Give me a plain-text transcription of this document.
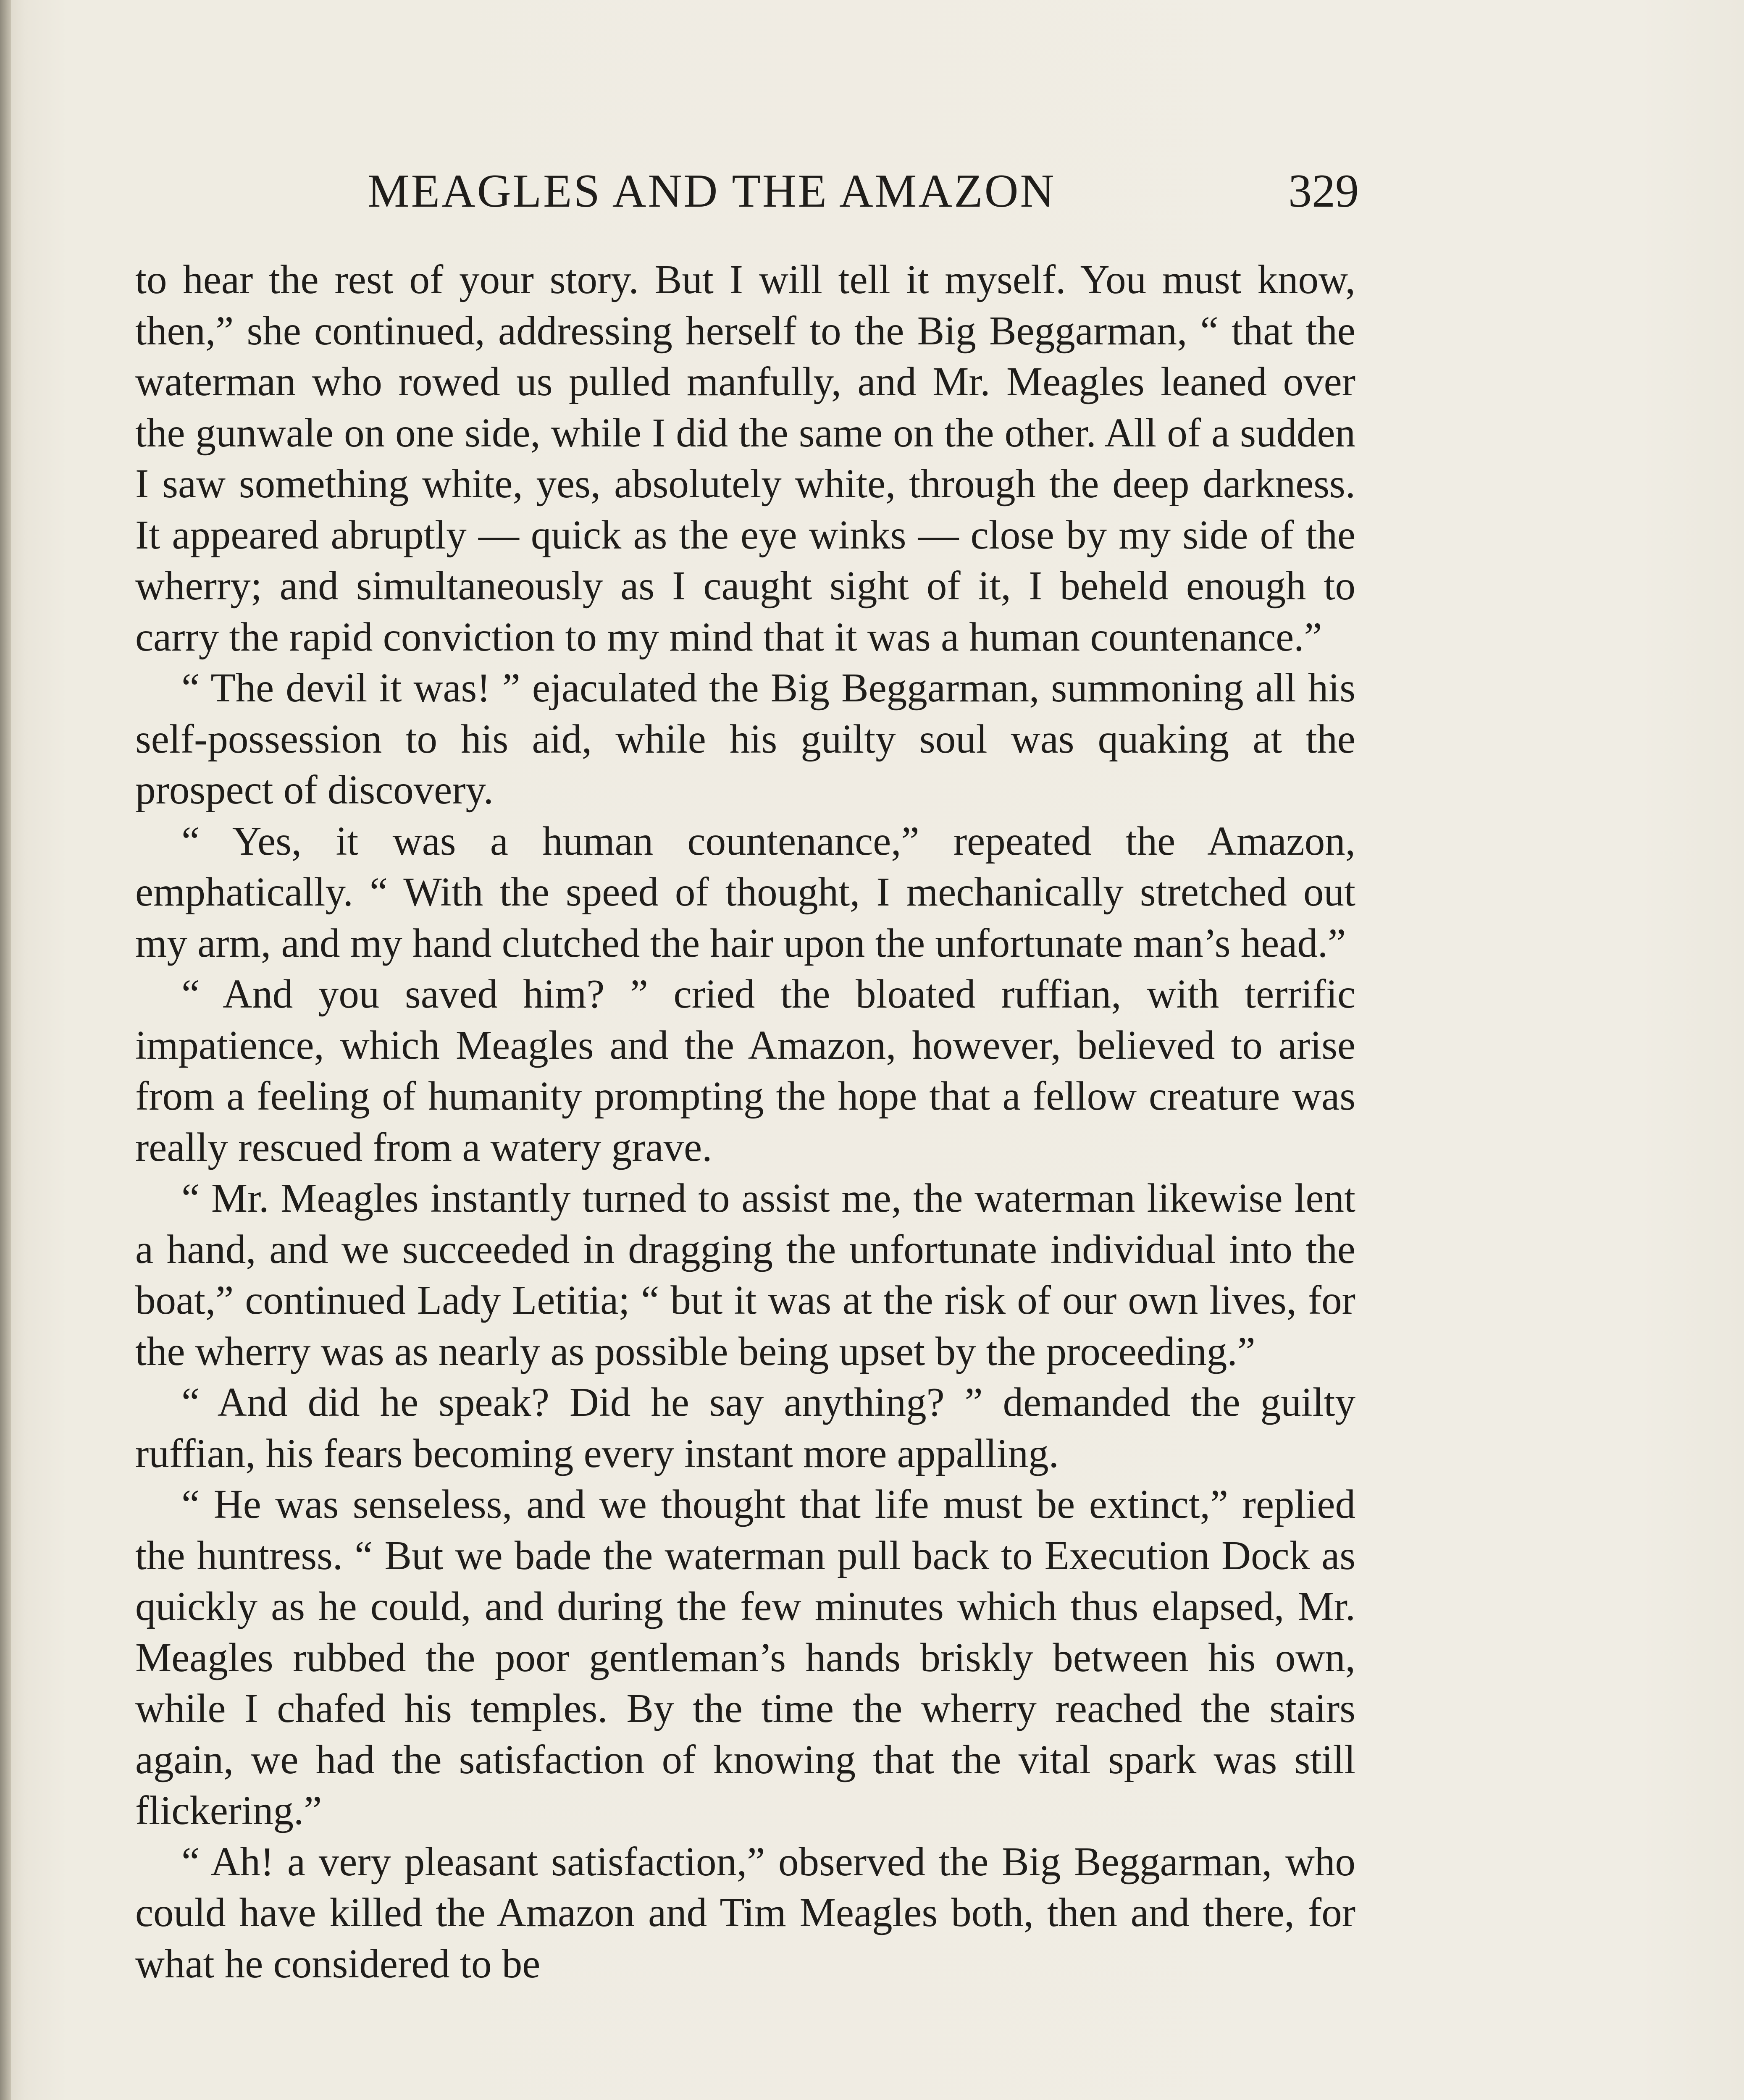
MEAGLES AND THE AMAZON	329

to hear the rest of your story. But I will tell it myself. You must know, then,” she continued, addressing herself to the Big Beggarman, “ that the waterman who rowed us pulled manfully, and Mr. Meagles leaned over the gunwale on one side, while I did the same on the other. All of a sudden I saw something white, yes, absolutely white, through the deep darkness. It appeared abruptly — quick as the eye winks — close by my side of the wherry; and simultaneously as I caught sight of it, I beheld enough to carry the rapid conviction to my mind that it was a human countenance.”

“ The devil it was! ” ejaculated the Big Beggarman, summoning all his self-possession to his aid, while his guilty soul was quaking at the prospect of discovery.

“ Yes, it was a human countenance,” repeated the Amazon, emphatically. “ With the speed of thought, I mechanically stretched out my arm, and my hand clutched the hair upon the unfortunate man’s head.”

“ And you saved him? ” cried the bloated ruffian, with terrific impatience, which Meagles and the Amazon, however, believed to arise from a feeling of humanity prompting the hope that a fellow creature was really rescued from a watery grave.

“ Mr. Meagles instantly turned to assist me, the waterman likewise lent a hand, and we succeeded in dragging the unfortunate individual into the boat,” continued Lady Letitia; “ but it was at the risk of our own lives, for the wherry was as nearly as possible being upset by the proceeding.”

“ And did he speak? Did he say anything? ” demanded the guilty ruffian, his fears becoming every instant more appalling.

“ He was senseless, and we thought that life must be extinct,” replied the huntress. “ But we bade the waterman pull back to Execution Dock as quickly as he could, and during the few minutes which thus elapsed, Mr. Meagles rubbed the poor gentleman’s hands briskly between his own, while I chafed his temples. By the time the wherry reached the stairs again, we had the satisfaction of knowing that the vital spark was still flickering.”

“ Ah! a very pleasant satisfaction,” observed the Big Beggarman, who could have killed the Amazon and Tim Meagles both, then and there, for what he considered to be
